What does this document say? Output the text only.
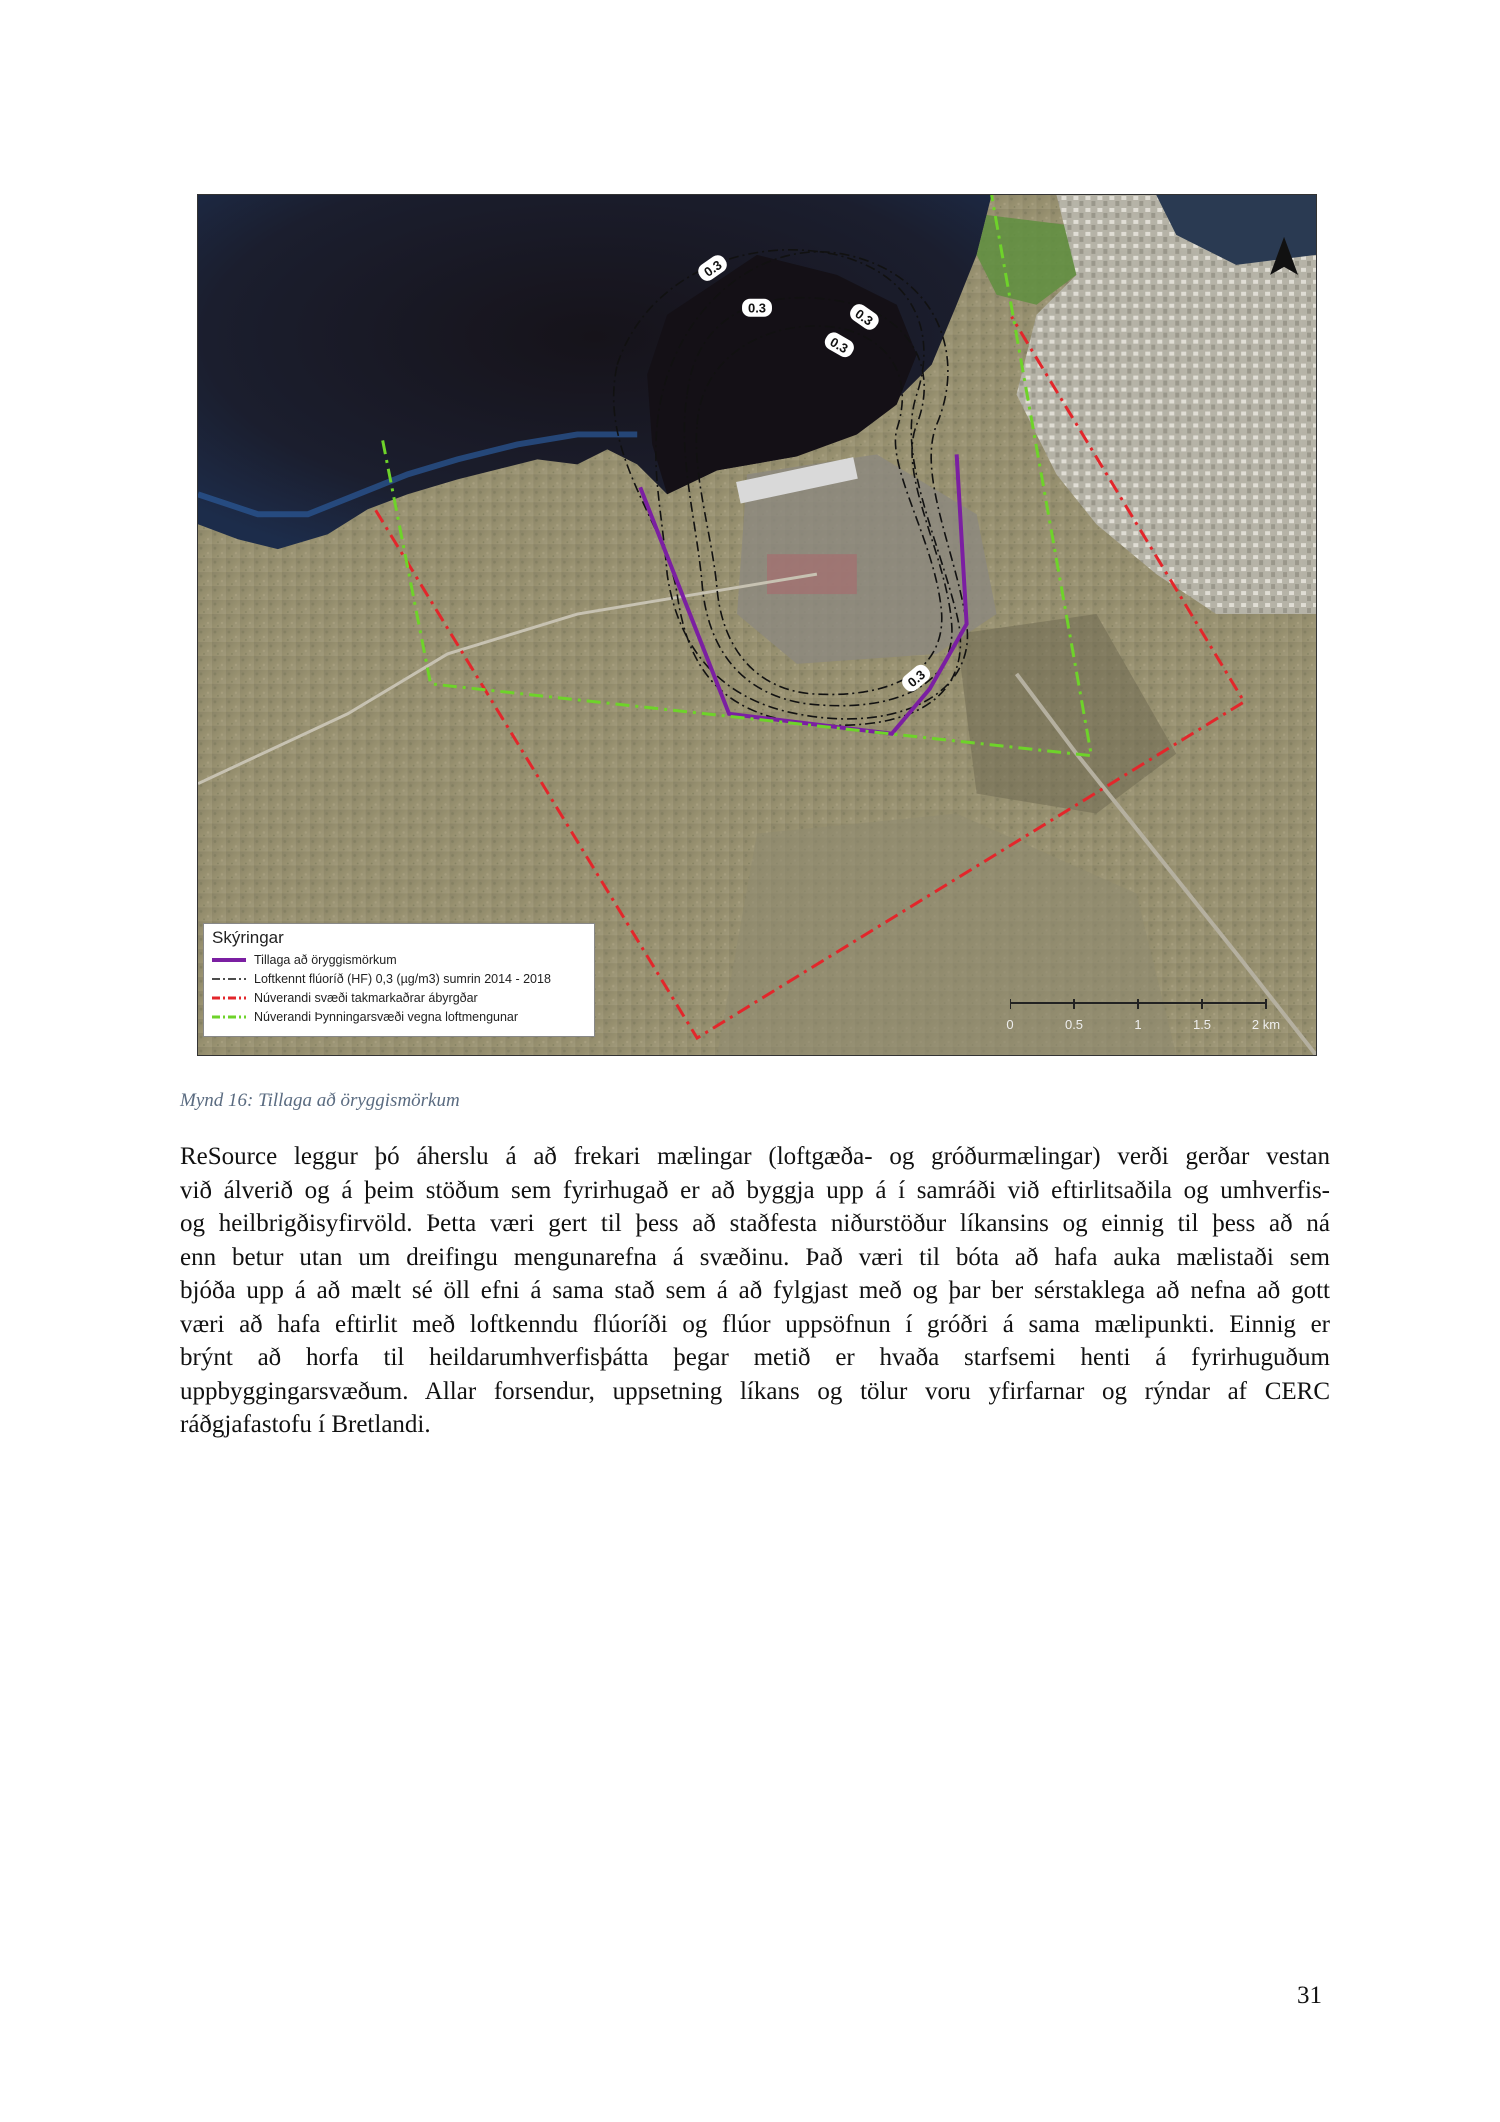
0.3
0.3	0.3
0.3
0.3
Skýringar
Tillaga að öryggismörkum
Loftkennt flúoríð (HF) 0,3 (µg/m3) sumrin 2014 - 2018
Núverandi svæði takmarkaðrar ábyrgðar
Núverandi Þynningarsvæði vegna loftmengunar
0	0.5	1	1.5	2 km
Mynd 16: Tillaga að öryggismörkum
ReSource leggur þó áherslu á að frekari mælingar (loftgæða- og gróðurmælingar) verði gerðar vestan
við álverið og á þeim stöðum sem fyrirhugað er að byggja upp á í samráði við eftirlitsaðila og umhverfis-
og heilbrigðisyfirvöld. Þetta væri gert til þess að staðfesta niðurstöður líkansins og einnig til þess að ná
enn betur utan um dreifingu mengunarefna á svæðinu. Það væri til bóta að hafa auka mælistaði sem
bjóða upp á að mælt sé öll efni á sama stað sem á að fylgjast með og þar ber sérstaklega að nefna að gott
væri að hafa eftirlit með loftkenndu flúoríði og flúor uppsöfnun í gróðri á sama mælipunkti. Einnig er
brýnt að horfa til heildarumhverfisþátta þegar metið er hvaða starfsemi henti á fyrirhuguðum
uppbyggingarsvæðum. Allar forsendur, uppsetning líkans og tölur voru yfirfarnar og rýndar af CERC
ráðgjafastofu í Bretlandi.
31
